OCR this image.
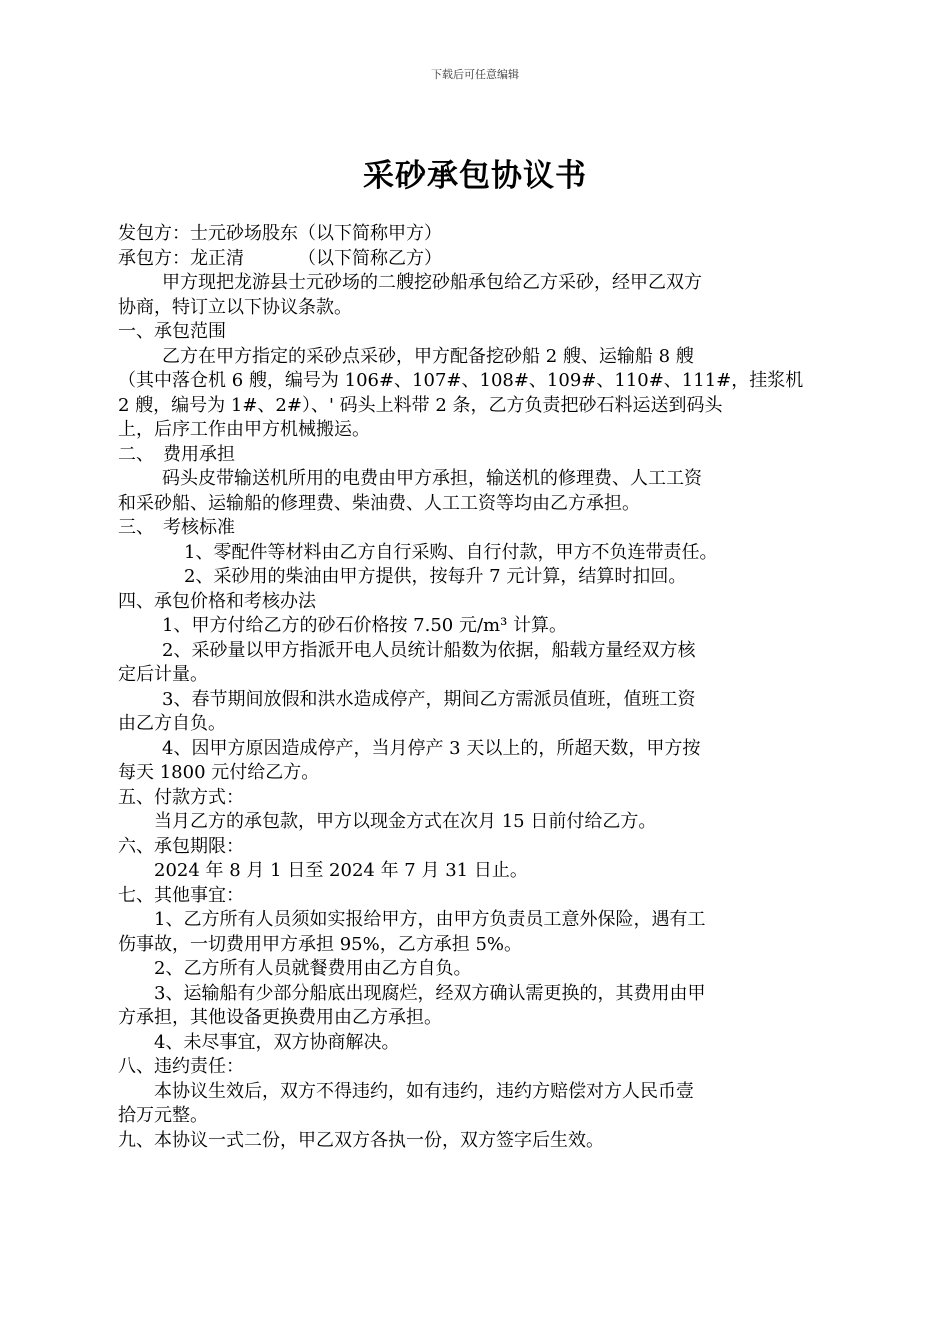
下载后可任意编辑
采砂承包协议书
发包方：士元砂场股东（以下简称甲方）
承包方：龙正清	（以下简称乙方）
甲方现把龙游县士元砂场的二艘挖砂船承包给乙方采砂，经甲乙双方
协商，特订立以下协议条款。
一、承包范围
乙方在甲方指定的采砂点采砂，甲方配备挖砂船 2 艘、运输船 8 艘
（其中落仓机 6 艘，编号为 106#、107#、108#、109#、110#、111#，挂浆机
2 艘，编号为 1#、2#）、' 码头上料带 2 条，乙方负责把砂石料运送到码头
上，后序工作由甲方机械搬运。
二、　费用承担
码头皮带输送机所用的电费由甲方承担，输送机的修理费、人工工资
和采砂船、运输船的修理费、柴油费、人工工资等均由乙方承担。
三、　考核标准
1、零配件等材料由乙方自行采购、自行付款，甲方不负连带责任。
2、采砂用的柴油由甲方提供，按每升 7 元计算，结算时扣回。
四、承包价格和考核办法
1、甲方付给乙方的砂石价格按 7.50 元/m³ 计算。
2、采砂量以甲方指派开电人员统计船数为依据，船载方量经双方核
定后计量。
3、春节期间放假和洪水造成停产，期间乙方需派员值班，值班工资
由乙方自负。
4、因甲方原因造成停产，当月停产 3 天以上的，所超天数，甲方按
每天 1800 元付给乙方。
五、付款方式：
当月乙方的承包款，甲方以现金方式在次月 15 日前付给乙方。
六、承包期限：
2024 年 8 月 1 日至 2024 年 7 月 31 日止。
七、其他事宜：
1、乙方所有人员须如实报给甲方，由甲方负责员工意外保险，遇有工
伤事故，一切费用甲方承担 95%，乙方承担 5%。
2、乙方所有人员就餐费用由乙方自负。
3、运输船有少部分船底出现腐烂，经双方确认需更换的，其费用由甲
方承担，其他设备更换费用由乙方承担。
4、未尽事宜，双方协商解决。
八、违约责任：
本协议生效后，双方不得违约，如有违约，违约方赔偿对方人民币壹
拾万元整。
九、本协议一式二份，甲乙双方各执一份，双方签字后生效。
